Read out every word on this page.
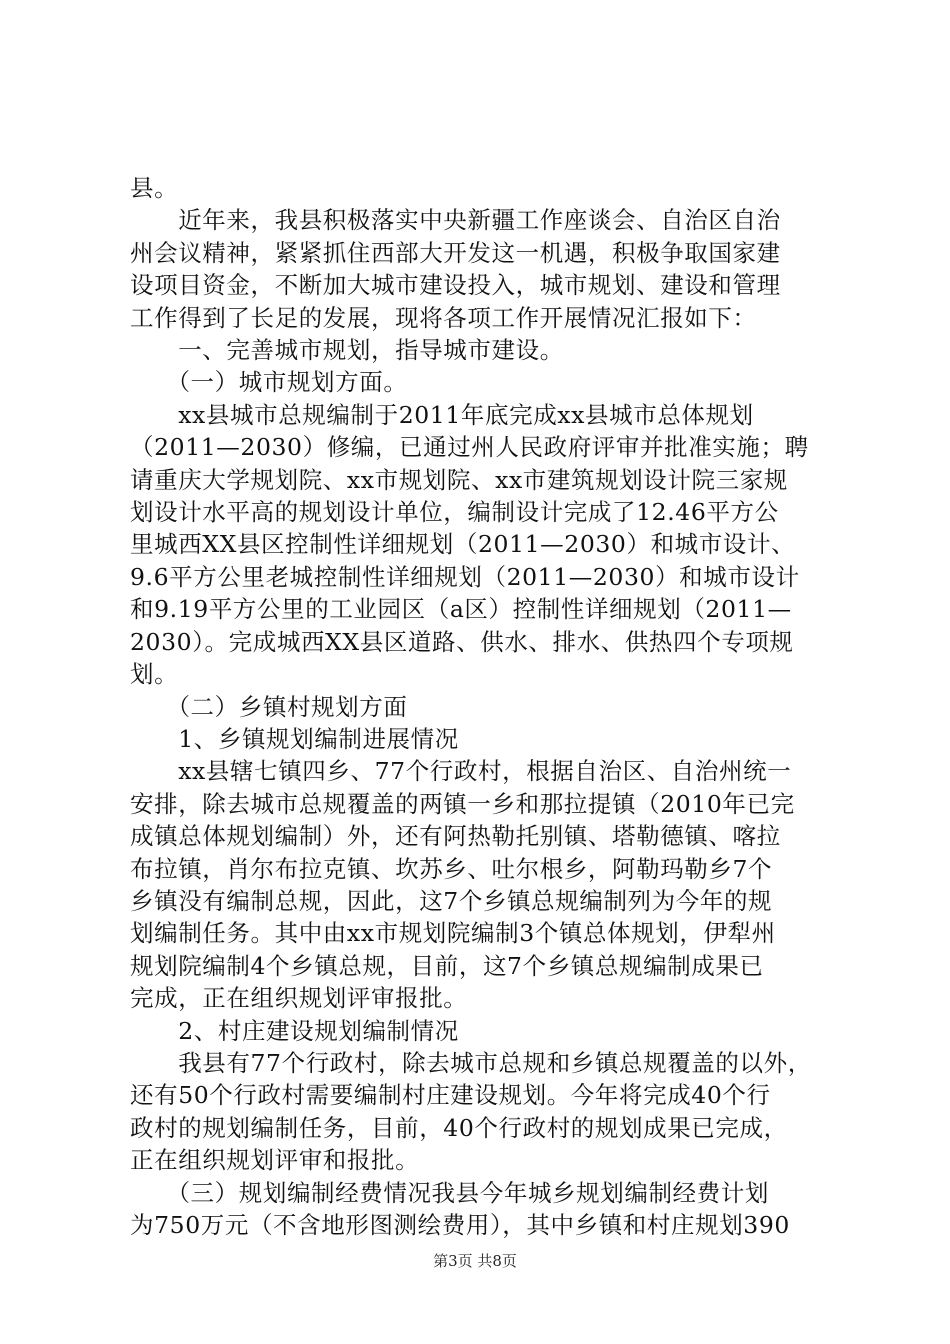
县。
　　近年来，我县积极落实中央新疆工作座谈会、自治区自治
州会议精神，紧紧抓住西部大开发这一机遇，积极争取国家建
设项目资金，不断加大城市建设投入，城市规划、建设和管理
工作得到了长足的发展，现将各项工作开展情况汇报如下：
　　一、完善城市规划，指导城市建设。
　　（一）城市规划方面。
　　xx县城市总规编制于2011年底完成xx县城市总体规划
（2011—2030）修编，已通过州人民政府评审并批准实施；聘
请重庆大学规划院、xx市规划院、xx市建筑规划设计院三家规
划设计水平高的规划设计单位，编制设计完成了12.46平方公
里城西XX县区控制性详细规划（2011—2030）和城市设计、
9.6平方公里老城控制性详细规划（2011—2030）和城市设计
和9.19平方公里的工业园区（a区）控制性详细规划（2011—
2030）。完成城西XX县区道路、供水、排水、供热四个专项规
划。
　　（二）乡镇村规划方面
　　1、乡镇规划编制进展情况
　　xx县辖七镇四乡、77个行政村，根据自治区、自治州统一
安排，除去城市总规覆盖的两镇一乡和那拉提镇（2010年已完
成镇总体规划编制）外，还有阿热勒托别镇、塔勒德镇、喀拉
布拉镇，肖尔布拉克镇、坎苏乡、吐尔根乡，阿勒玛勒乡7个
乡镇没有编制总规，因此，这7个乡镇总规编制列为今年的规
划编制任务。其中由xx市规划院编制3个镇总体规划，伊犁州
规划院编制4个乡镇总规，目前，这7个乡镇总规编制成果已
完成，正在组织规划评审报批。
　　2、村庄建设规划编制情况
　　我县有77个行政村，除去城市总规和乡镇总规覆盖的以外，
还有50个行政村需要编制村庄建设规划。今年将完成40个行
政村的规划编制任务，目前，40个行政村的规划成果已完成，
正在组织规划评审和报批。
　　（三）规划编制经费情况我县今年城乡规划编制经费计划
为750万元（不含地形图测绘费用），其中乡镇和村庄规划390
第3页 共8页
